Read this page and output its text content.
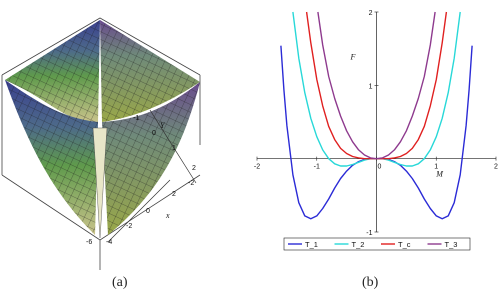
-1
0
1
2
-2
Y
2
0
-2
-4
-6
x
-2	-1	0	1	2
-1
1
2
M
F
T_1	T_2	T_c	T_3
(a)	(b)
